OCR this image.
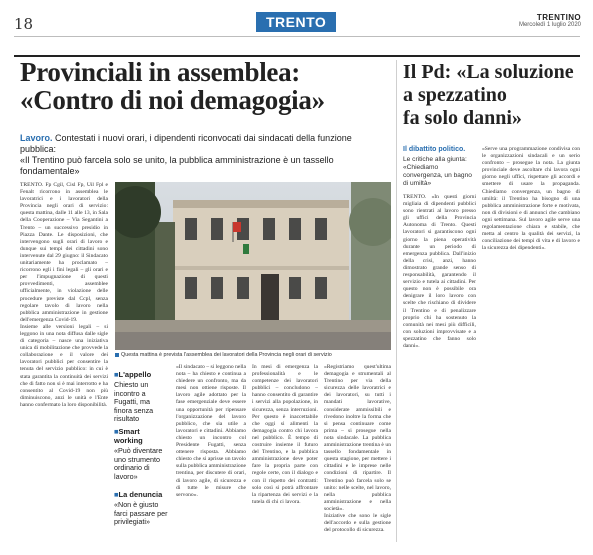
18	TRENTO	TRENTINO
Mercoledì 1 luglio 2020
Provinciali in assemblea:
«Contro di noi demagogia»
Lavoro. Contestati i nuovi orari, i dipendenti riconvocati dai sindacati della funzione pubblica:
«Il Trentino può farcela solo se unito, la pubblica amministrazione è un tassello fondamentale»
Il Pd: «La soluzione
a spezzatino
fa solo danni»

TRENTO. Fp Cgil, Cisl Fp, Uil Fpl e Fenalt ricorrono in assemblea le lavoratrici e i lavoratori della Provincia negli orari di servizio: questa mattina, dalle 11 alle 13, in Sala della Cooperazione – Via Segantini a Trento – un successivo presidio in Piazza Dante. Le disposizioni, che intervengono sugli orari di lavoro e dunque sui tempi dei cittadini sono intervenute dal 29 giugno: il Sindacato unitariamente ha proclamato – ricorrono egli i fini legali – gli orari e per l'impugnazione di questi provvedimenti, assemblee ufficialmente, in violazione delle procedure previste dal Ccpl, senza regolare tavolo di lavoro nella pubblica amministrazione in gestione dell'emergenza Covid-19.

Insieme alle versioni legali – si leggono in una nota diffusa dalle sigle di categoria – nasce una iniziativa unica di mobilitazione che provvede la collaborazione e il valore dei lavoratori pubblici per consentire la tenuta del servizio pubblico: in cui è stata garantita la continuità dei servizi che di fatto non si è mai interrotto e ha consentito al Covid-19 non più diminuiscono, anzi le unità e l'Ente hanno confermato la loro disponibilità.

Questa mattina è prevista l'assemblea dei lavoratori della Provincia negli orari di servizio
■L'appello
Chiesto un incontro a Fugatti, ma finora senza risultato
■Smart working
«Può diventare uno strumento ordinario di lavoro»
■La denuncia
«Non è giusto farci passare per privilegiati»

«Il sindacato – si leggono nella nota – ha chiesto e continua a chiedere un confronto, ma da mesi non ottiene risposte. Il lavoro agile adottato per la fase emergenziale deve essere una opportunità per ripensare l'organizzazione del lavoro pubblico, che sia utile a lavoratori e cittadini. Abbiamo chiesto un incontro col Presidente Fugatti, senza ottenere risposta. Abbiamo chiesto che si aprisse un tavolo sulla pubblica amministrazione trentina, per discutere di orari, di lavoro agile, di sicurezza e di tutte le misure che servono».

In mesi di emergenza la professionalità e le competenze dei lavoratori pubblici – concludono – hanno consentito di garantire i servizi alla popolazione, in sicurezza, senza interruzioni. Per questo è inaccettabile che oggi si alimenti la demagogia contro chi lavora nel pubblico. È tempo di costruire insieme il futuro del Trentino, e la pubblica amministrazione deve poter fare la propria parte con regole certe, con il dialogo e con il rispetto dei contratti: solo così si potrà affrontare la ripartenza dei servizi e la tutela di chi ci lavora.

«Registriamo quest'ultima demagogia e strumentali al Trentino per via della sicurezza delle lavoratrici e dei lavoratori, su tutti i mandati lavorative, considerate ammissibili e rivedono inoltre la forma che si pensa continuare come prima – si prosegue nella nota sindacale. La pubblica amministrazione trentina è un tassello fondamentale in questa stagione, per mettere i cittadini e le imprese nelle condizioni di ripartire. Il Trentino può farcela solo se unito: nelle scelte, nel lavoro, nella pubblica amministrazione e nella società».

Iniziative che sono le sigle dell'accordo e sulla gestione del protocollo di sicurezza.

Il dibattito politico.
Le critiche alla giunta: «Chiediamo convergenza, un bagno di umiltà»

TRENTO. «In questi giorni migliaia di dipendenti pubblici sono rientrati al lavoro presso gli uffici della Provincia Autonoma di Trento. Questi lavoratori si garantiscono ogni giorno la piena operatività durante un periodo di emergenza pubblica. Dall'inizio della crisi, anzi, hanno dimostrato grande senso di responsabilità, garantendo il servizio e tutela ai cittadini. Per questo non è possibile ora denigrare il loro lavoro con scelte che rischiano di dividere il Trentino e di penalizzare proprio chi ha sostenuto la comunità nei mesi più difficili, con soluzioni improvvisate e a spezzatino che fanno solo danni».

«Serve una programmazione condivisa con le organizzazioni sindacali e un serio confronto – prosegue la nota. La giunta provinciale deve ascoltare chi lavora ogni giorno negli uffici, rispettare gli accordi e smettere di usare la propaganda. Chiediamo convergenza, un bagno di umiltà: il Trentino ha bisogno di una pubblica amministrazione forte e motivata, non di divisioni e di annunci che cambiano ogni settimana. Sul lavoro agile serve una regolamentazione chiara e stabile, che metta al centro la qualità dei servizi, la conciliazione dei tempi di vita e di lavoro e la sicurezza dei dipendenti».
